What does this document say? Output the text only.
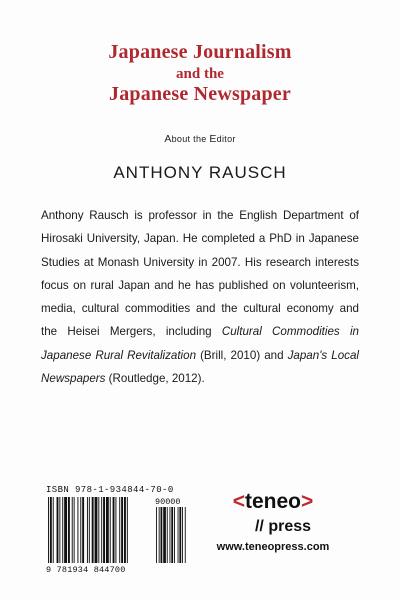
Japanese Journalism
and the
Japanese Newspaper
About the Editor
ANTHONY RAUSCH
Anthony Rausch is professor in the English Department of Hirosaki University, Japan. He completed a PhD in Japanese Studies at Monash University in 2007. His research interests focus on rural Japan and he has published on volunteerism, media, cultural commodities and the cultural economy and the Heisei Mergers, including Cultural Commodities in Japanese Rural Revitalization (Brill, 2010) and Japan's Local Newspapers (Routledge, 2012).
ISBN 978-1-934844-70-0
90000
9 781934 844700
<teneo>
// press
www.teneopress.com
